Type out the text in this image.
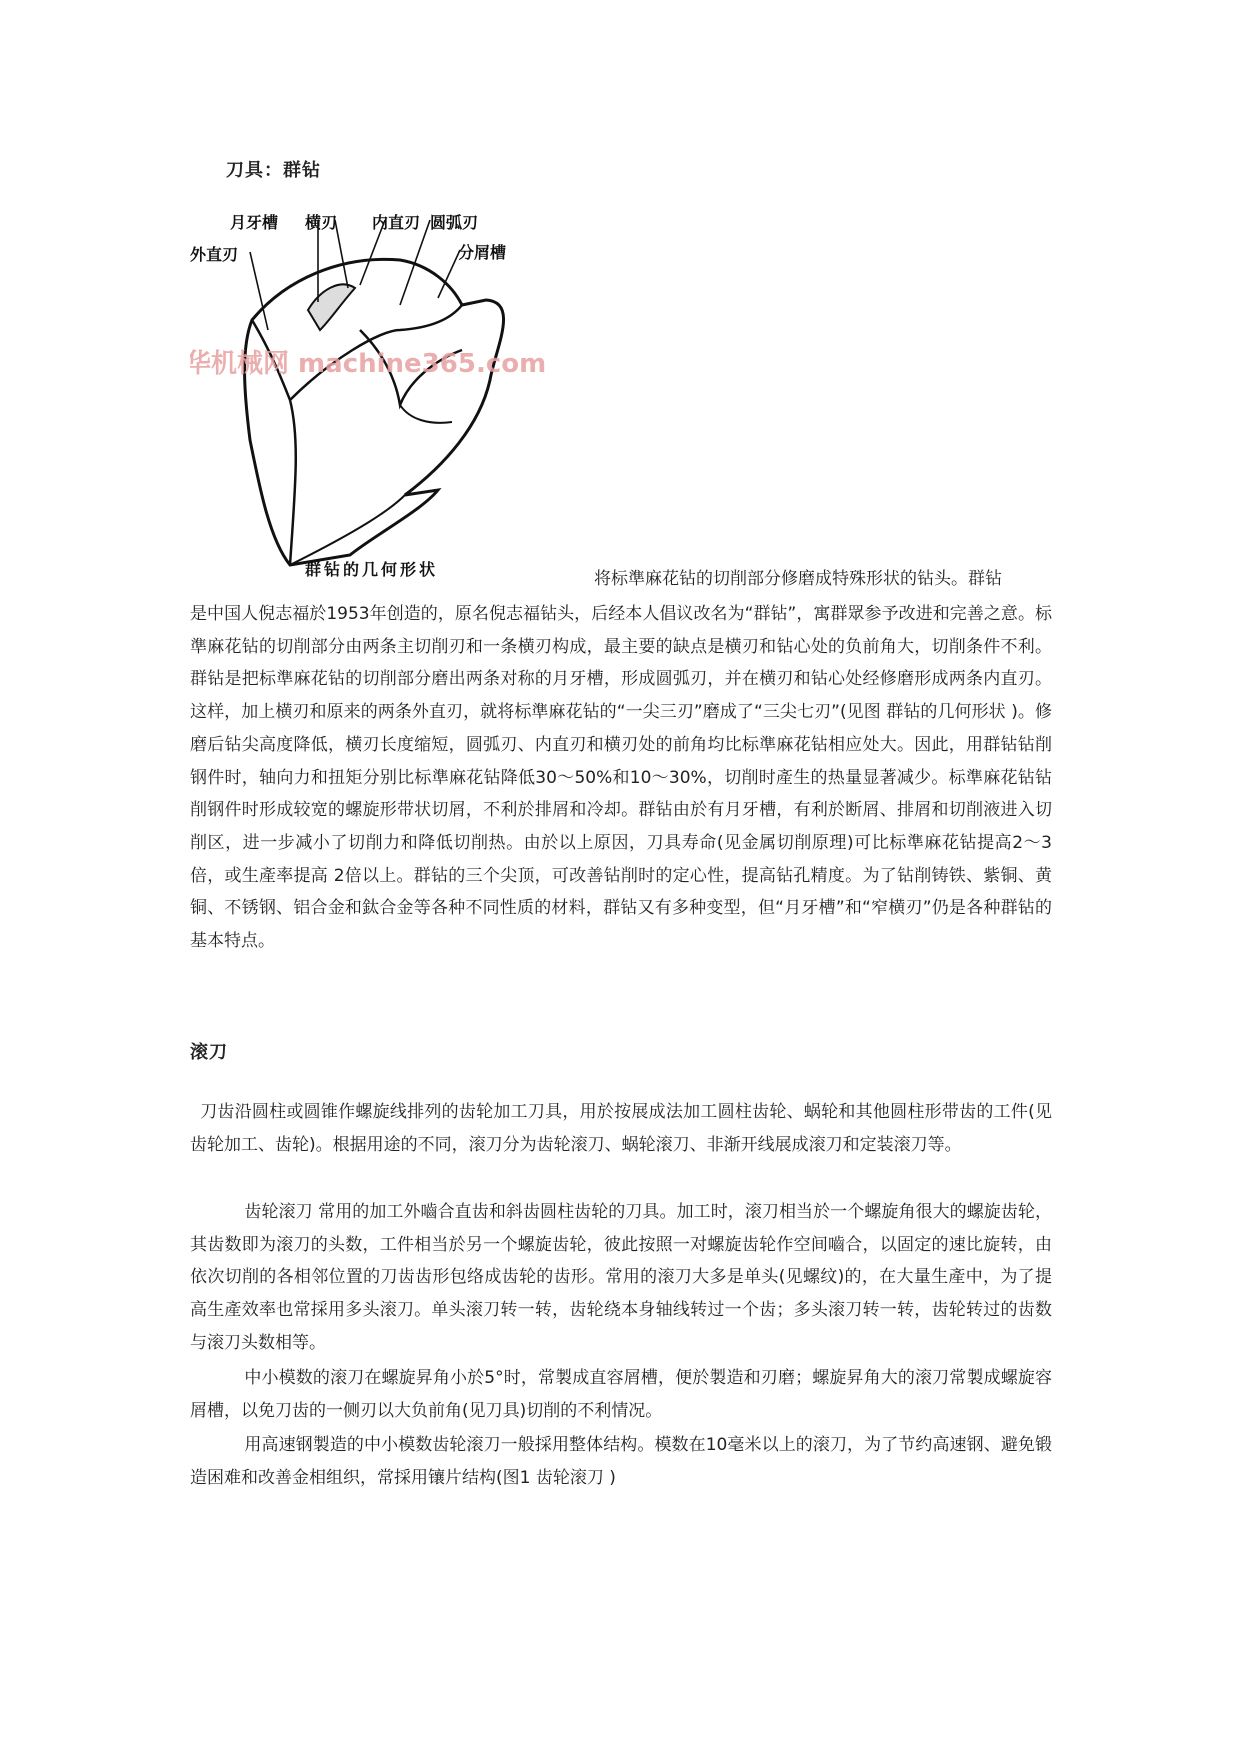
刀具：群钻
月牙槽 横刃 内直刃 圆弧刃
外直刃	分屑槽
华机械网 machine365.com
群钻的几何形状	将标準麻花钻的切削部分修磨成特殊形状的钻头。群钻
是中国人倪志福於1953年创造的，原名倪志福钻头，后经本人倡议改名为“群钻”，寓群眾参予改进和完善之意。标準麻花钻的切削部分由两条主切削刃和一条横刃构成，最主要的缺点是横刃和钻心处的负前角大，切削条件不利。群钻是把标準麻花钻的切削部分磨出两条对称的月牙槽，形成圆弧刃，并在横刃和钻心处经修磨形成两条内直刃。这样，加上横刃和原来的两条外直刃，就将标準麻花钻的“一尖三刃”磨成了“三尖七刃”(见图 群钻的几何形状 )。修磨后钻尖高度降低，横刃长度缩短，圆弧刃、内直刃和横刃处的前角均比标準麻花钻相应处大。因此，用群钻钻削钢件时，轴向力和扭矩分别比标準麻花钻降低30～50%和10～30%，切削时產生的热量显著减少。标準麻花钻钻削钢件时形成较宽的螺旋形带状切屑，不利於排屑和冷却。群钻由於有月牙槽，有利於断屑、排屑和切削液进入切削区，进一步减小了切削力和降低切削热。由於以上原因，刀具寿命(见金属切削原理)可比标準麻花钻提高2～3倍，或生產率提高 2倍以上。群钻的三个尖顶，可改善钻削时的定心性，提高钻孔精度。为了钻削铸铁、紫铜、黄铜、不锈钢、铝合金和鈦合金等各种不同性质的材料，群钻又有多种变型，但“月牙槽”和“窄横刃”仍是各种群钻的基本特点。
滚刀
刀齿沿圆柱或圆锥作螺旋线排列的齿轮加工刀具，用於按展成法加工圆柱齿轮、蜗轮和其他圆柱形带齿的工件(见齿轮加工、齿轮)。根据用途的不同，滚刀分为齿轮滚刀、蜗轮滚刀、非渐开线展成滚刀和定装滚刀等。
齿轮滚刀 常用的加工外嚙合直齿和斜齿圆柱齿轮的刀具。加工时，滚刀相当於一个螺旋角很大的螺旋齿轮，其齿数即为滚刀的头数，工件相当於另一个螺旋齿轮，彼此按照一对螺旋齿轮作空间嚙合，以固定的速比旋转，由依次切削的各相邻位置的刀齿齿形包络成齿轮的齿形。常用的滚刀大多是单头(见螺纹)的，在大量生產中，为了提高生產效率也常採用多头滚刀。单头滚刀转一转，齿轮绕本身轴线转过一个齿；多头滚刀转一转，齿轮转过的齿数与滚刀头数相等。
中小模数的滚刀在螺旋昇角小於5°时，常製成直容屑槽，便於製造和刃磨；螺旋昇角大的滚刀常製成螺旋容屑槽，以免刀齿的一侧刃以大负前角(见刀具)切削的不利情况。
用高速钢製造的中小模数齿轮滚刀一般採用整体结构。模数在10毫米以上的滚刀，为了节约高速钢、避免锻造困难和改善金相组织，常採用镶片结构(图1 齿轮滚刀 )
